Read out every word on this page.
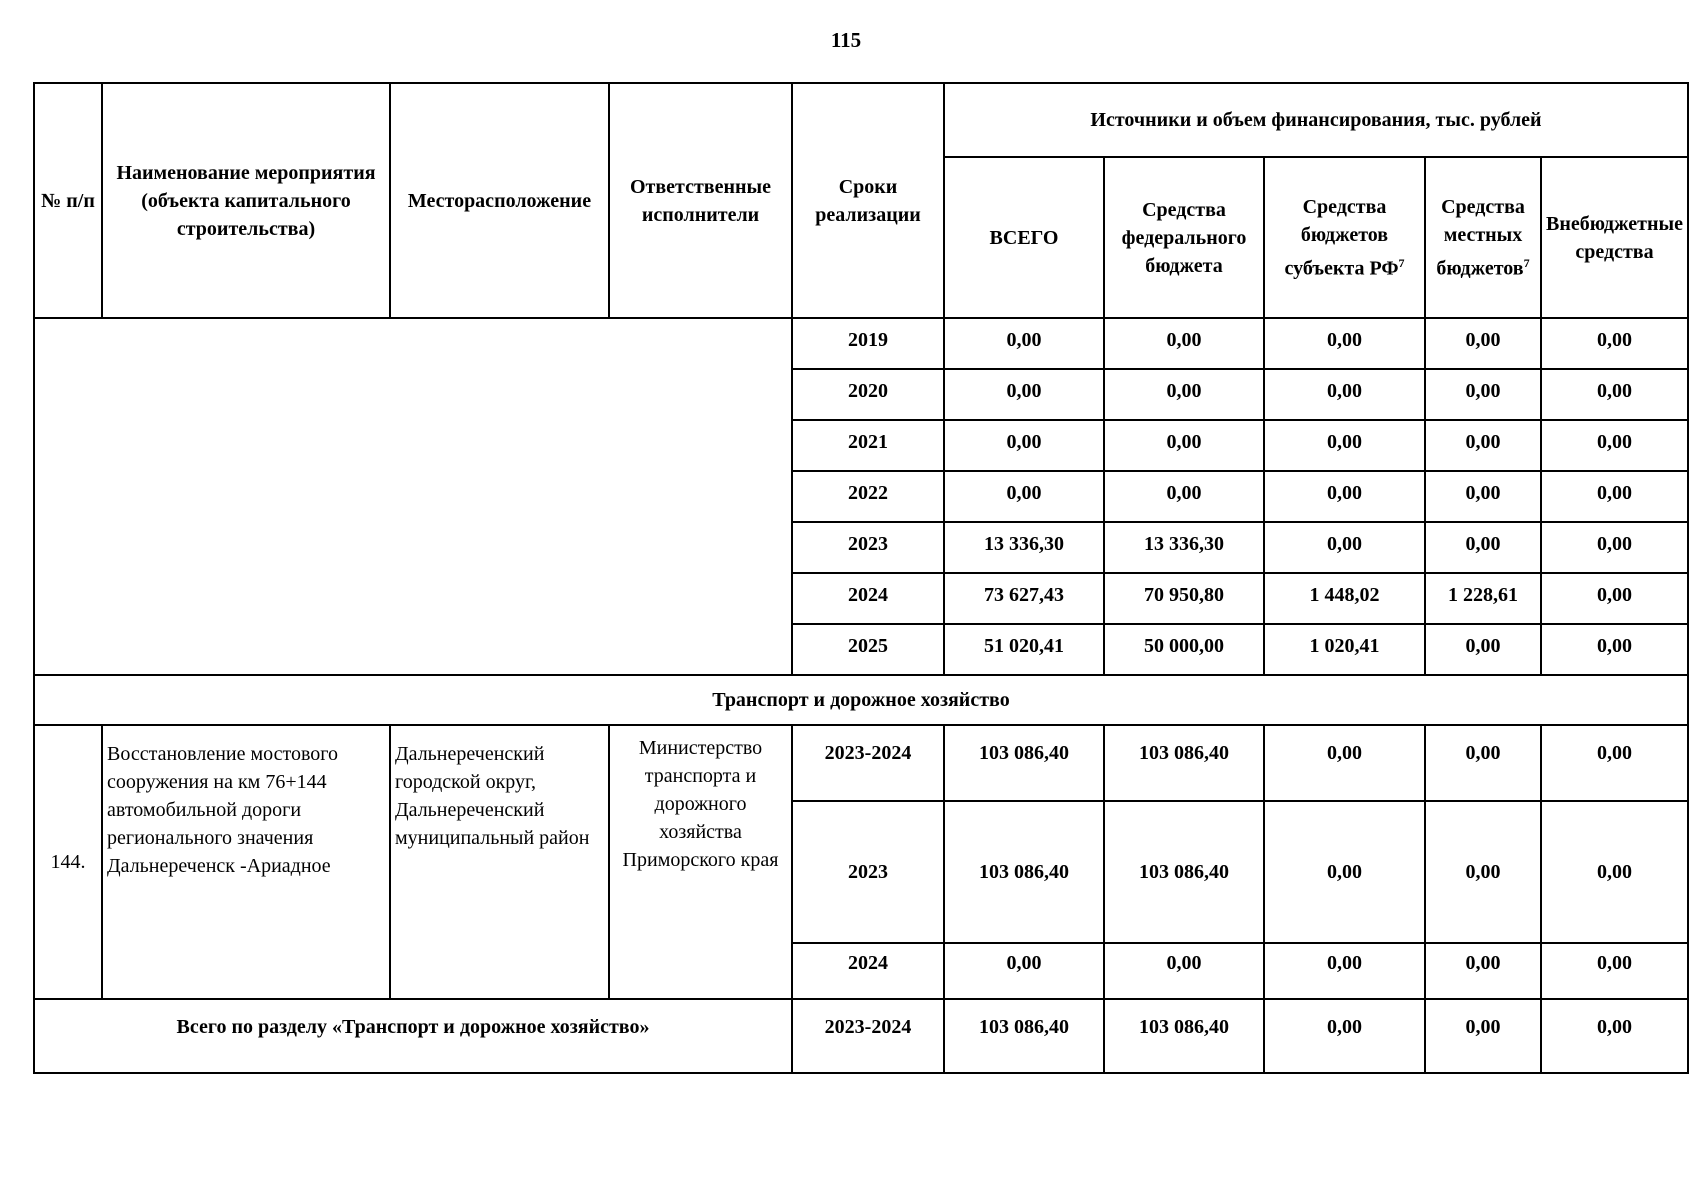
115
№ п/п	Наименование мероприятия (объекта капитального строительства)	Месторасположение	Ответственные исполнители	Сроки реализации	Источники и объем финансирования, тыс. рублей				
					ВСЕГО	Средства федерального бюджета	Средства бюджетов субъекта $РФ^7$	Средства местных бюджетов$^7$	Внебюджетные средства
				2019	0,00	0,00	0,00	0,00	0,00
				2020	0,00	0,00	0,00	0,00	0,00
				2021	0,00	0,00	0,00	0,00	0,00
				2022	0,00	0,00	0,00	0,00	0,00
				2023	13 336,30	13 336,30	0,00	0,00	0,00
				2024	73 627,43	70 950,80	1 448,02	1 228,61	0,00
				2025	51 020,41	50 000,00	1 020,41	0,00	0,00
Транспорт и дорожное хозяйство									
144.	Восстановление мостового сооружения на км 76+144 автомобильной дороги регионального значения Дальнереченск -Ариадное	Дальнереченский городской округ, Дальнереченский муниципальный район	Министерство транспорта и дорожного хозяйства Приморского края	2023-2024	103 086,40	103 086,40	0,00	0,00	0,00
				2023	103 086,40	103 086,40	0,00	0,00	0,00
				2024	0,00	0,00	0,00	0,00	0,00
Всего по разделу «Транспорт и дорожное хозяйство»				2023-2024	103 086,40	103 086,40	0,00	0,00	0,00
